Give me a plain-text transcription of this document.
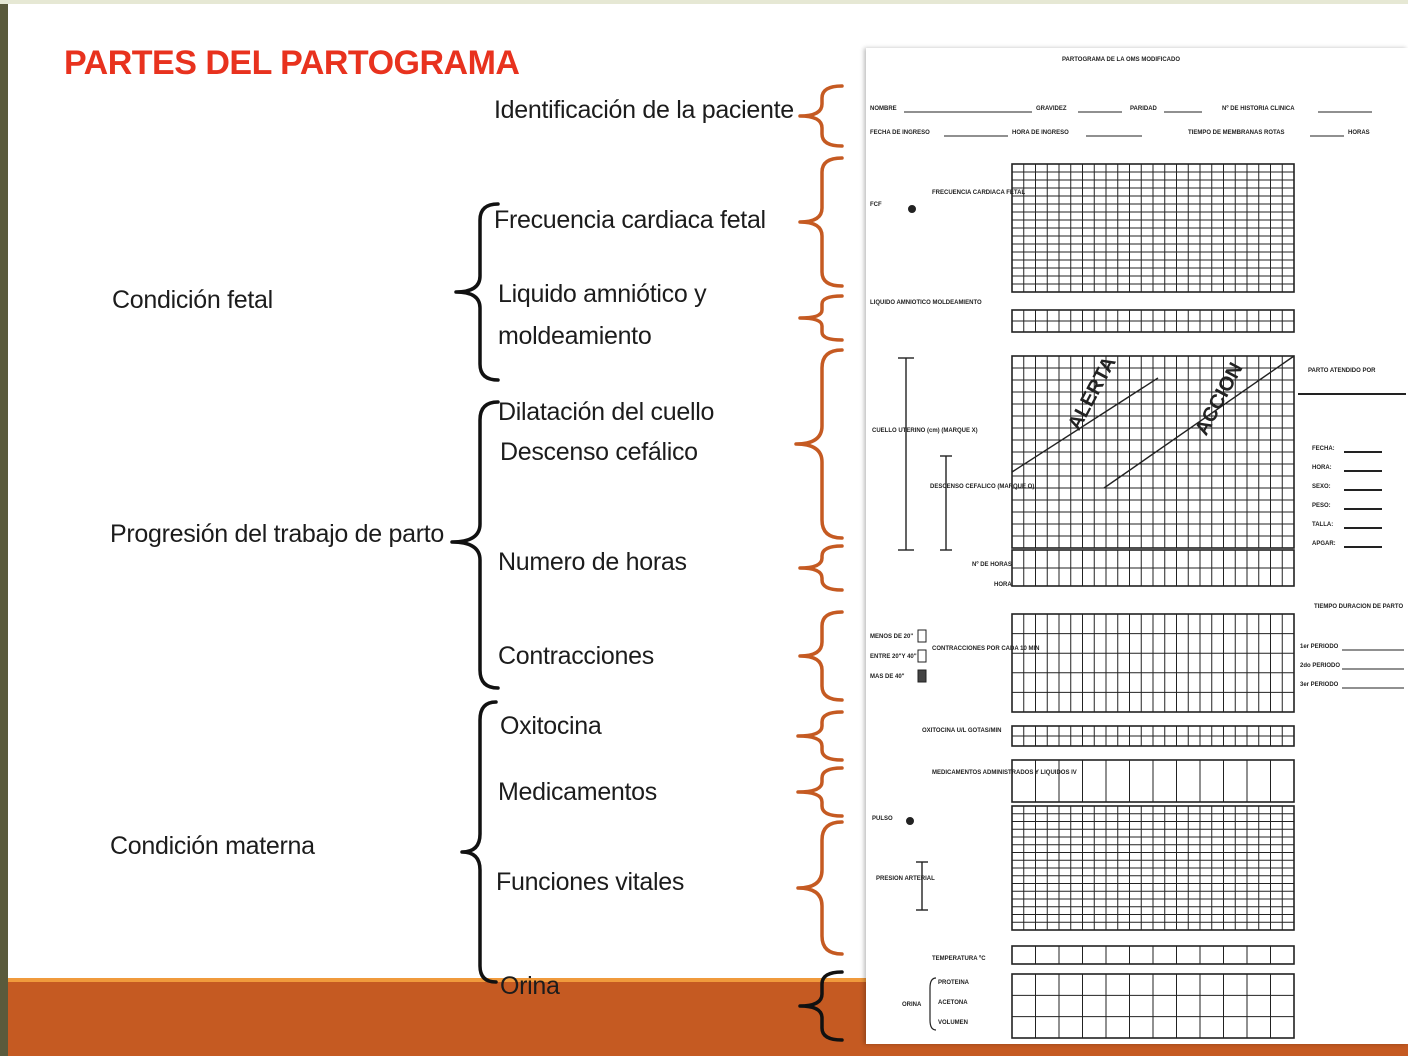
PARTES DEL PARTOGRAMA
Condición fetal
Progresión del trabajo de parto
Condición materna
Identificación de la paciente
Frecuencia cardiaca fetal
Liquido amniótico y
moldeamiento
Dilatación del cuello
Descenso cefálico
Numero de horas
Contracciones
Oxitocina
Medicamentos
Funciones vitales
Orina
PARTOGRAMA DE LA OMS MODIFICADO
NOMBRE	GRAVIDEZ	PARIDAD	Nº DE HISTORIA CLINICA
FECHA DE INGRESO	HORA DE INGRESO	TIEMPO DE MEMBRANAS ROTAS	HORAS
FCF
FRECUENCIA CARDIACA FETAL
LIQUIDO AMNIOTICO MOLDEAMIENTO
CUELLO UTERINO (cm) (MARQUE X)
DESCENSO CEFALICO (MARQUE O)
Nº DE HORAS
HORA
PARTO ATENDIDO POR
FECHA:
HORA:
SEXO:
PESO:
TALLA:
APGAR:
TIEMPO DURACION DE PARTO
1er PERIODO
2do PERIODO
3er PERIODO
MENOS DE 20"
ENTRE 20"Y 40"
MAS DE 40"
CONTRACCIONES POR CADA 10 MIN
OXITOCINA U/L GOTAS/MIN
MEDICAMENTOS ADMINISTRADOS Y LIQUIDOS IV
PULSO
PRESION ARTERIAL
TEMPERATURA ºC
ORINA
PROTEINA
ACETONA
VOLUMEN
ALERTA	ACCION
